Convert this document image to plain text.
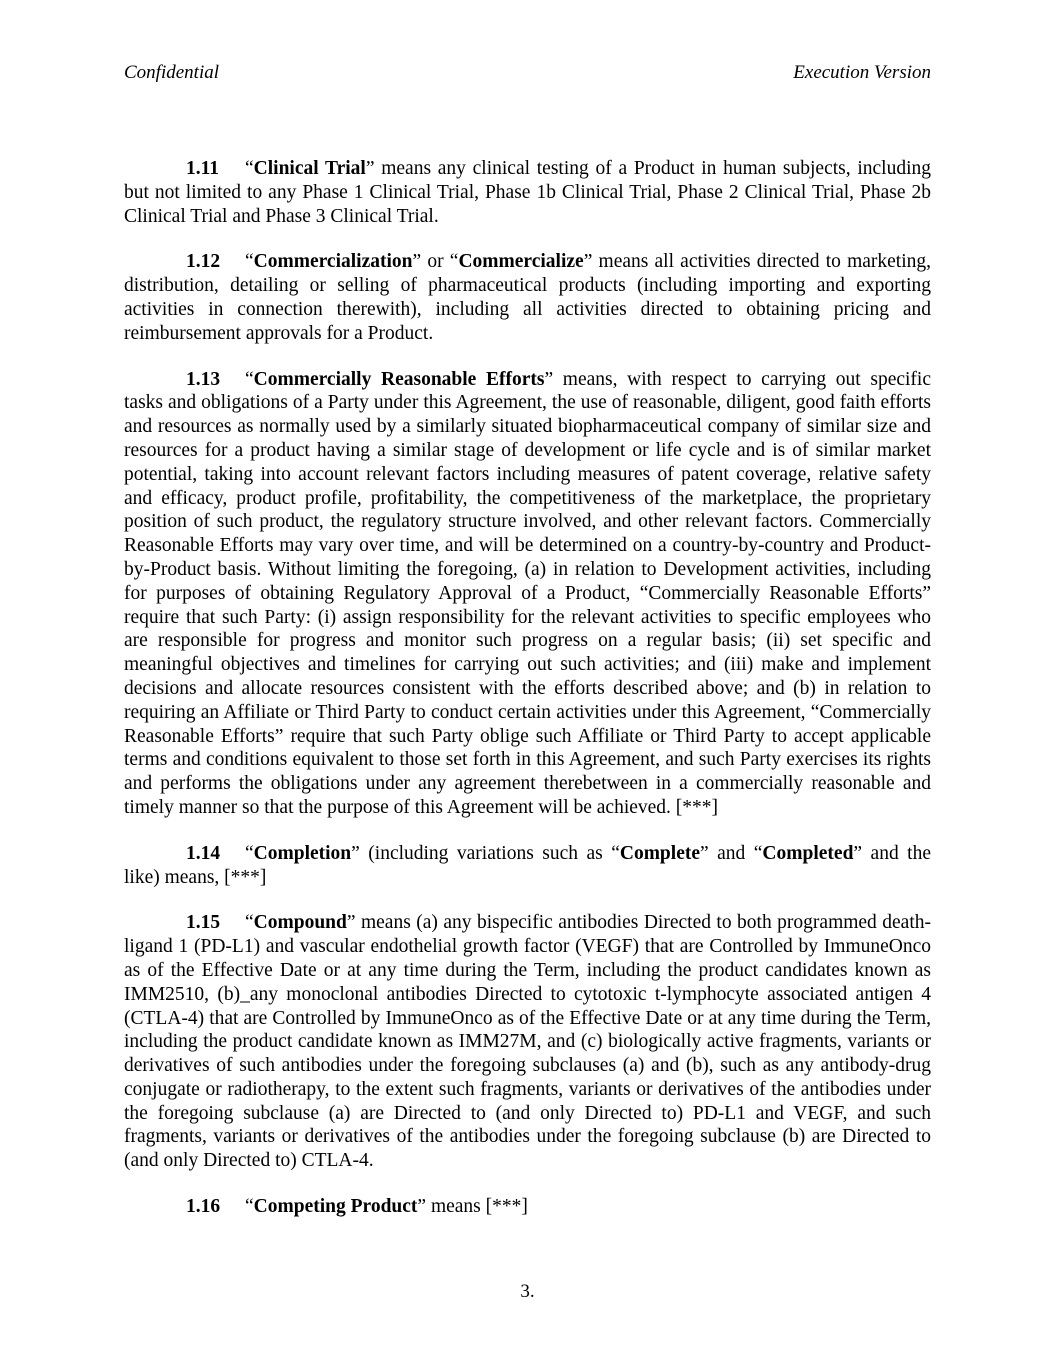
Confidential	Execution Version

1.11 “Clinical Trial” means any clinical testing of a Product in human subjects, including but not limited to any Phase 1 Clinical Trial, Phase 1b Clinical Trial, Phase 2 Clinical Trial, Phase 2b Clinical Trial and Phase 3 Clinical Trial.

1.12 “Commercialization” or “Commercialize” means all activities directed to marketing, distribution, detailing or selling of pharmaceutical products (including importing and exporting activities in connection therewith), including all activities directed to obtaining pricing and reimbursement approvals for a Product.

1.13 “Commercially Reasonable Efforts” means, with respect to carrying out specific tasks and obligations of a Party under this Agreement, the use of reasonable, diligent, good faith efforts and resources as normally used by a similarly situated biopharmaceutical company of similar size and resources for a product having a similar stage of development or life cycle and is of similar market potential, taking into account relevant factors including measures of patent coverage, relative safety and efficacy, product profile, profitability, the competitiveness of the marketplace, the proprietary position of such product, the regulatory structure involved, and other relevant factors. Commercially Reasonable Efforts may vary over time, and will be determined on a country-by-country and Product-by-Product basis. Without limiting the foregoing, (a) in relation to Development activities, including for purposes of obtaining Regulatory Approval of a Product, “Commercially Reasonable Efforts” require that such Party: (i) assign responsibility for the relevant activities to specific employees who are responsible for progress and monitor such progress on a regular basis; (ii) set specific and meaningful objectives and timelines for carrying out such activities; and (iii) make and implement decisions and allocate resources consistent with the efforts described above; and (b) in relation to requiring an Affiliate or Third Party to conduct certain activities under this Agreement, “Commercially Reasonable Efforts” require that such Party oblige such Affiliate or Third Party to accept applicable terms and conditions equivalent to those set forth in this Agreement, and such Party exercises its rights and performs the obligations under any agreement therebetween in a commercially reasonable and timely manner so that the purpose of this Agreement will be achieved. [***]

1.14 “Completion” (including variations such as “Complete” and “Completed” and the like) means, [***]

1.15 “Compound” means (a) any bispecific antibodies Directed to both programmed death-ligand 1 (PD-L1) and vascular endothelial growth factor (VEGF) that are Controlled by ImmuneOnco as of the Effective Date or at any time during the Term, including the product candidates known as IMM2510, (b)_any monoclonal antibodies Directed to cytotoxic t-lymphocyte associated antigen 4 (CTLA-4) that are Controlled by ImmuneOnco as of the Effective Date or at any time during the Term, including the product candidate known as IMM27M, and (c) biologically active fragments, variants or derivatives of such antibodies under the foregoing subclauses (a) and (b), such as any antibody-drug conjugate or radiotherapy, to the extent such fragments, variants or derivatives of the antibodies under the foregoing subclause (a) are Directed to (and only Directed to) PD-L1 and VEGF, and such fragments, variants or derivatives of the antibodies under the foregoing subclause (b) are Directed to (and only Directed to) CTLA-4.

1.16 “Competing Product” means [***]

3.
